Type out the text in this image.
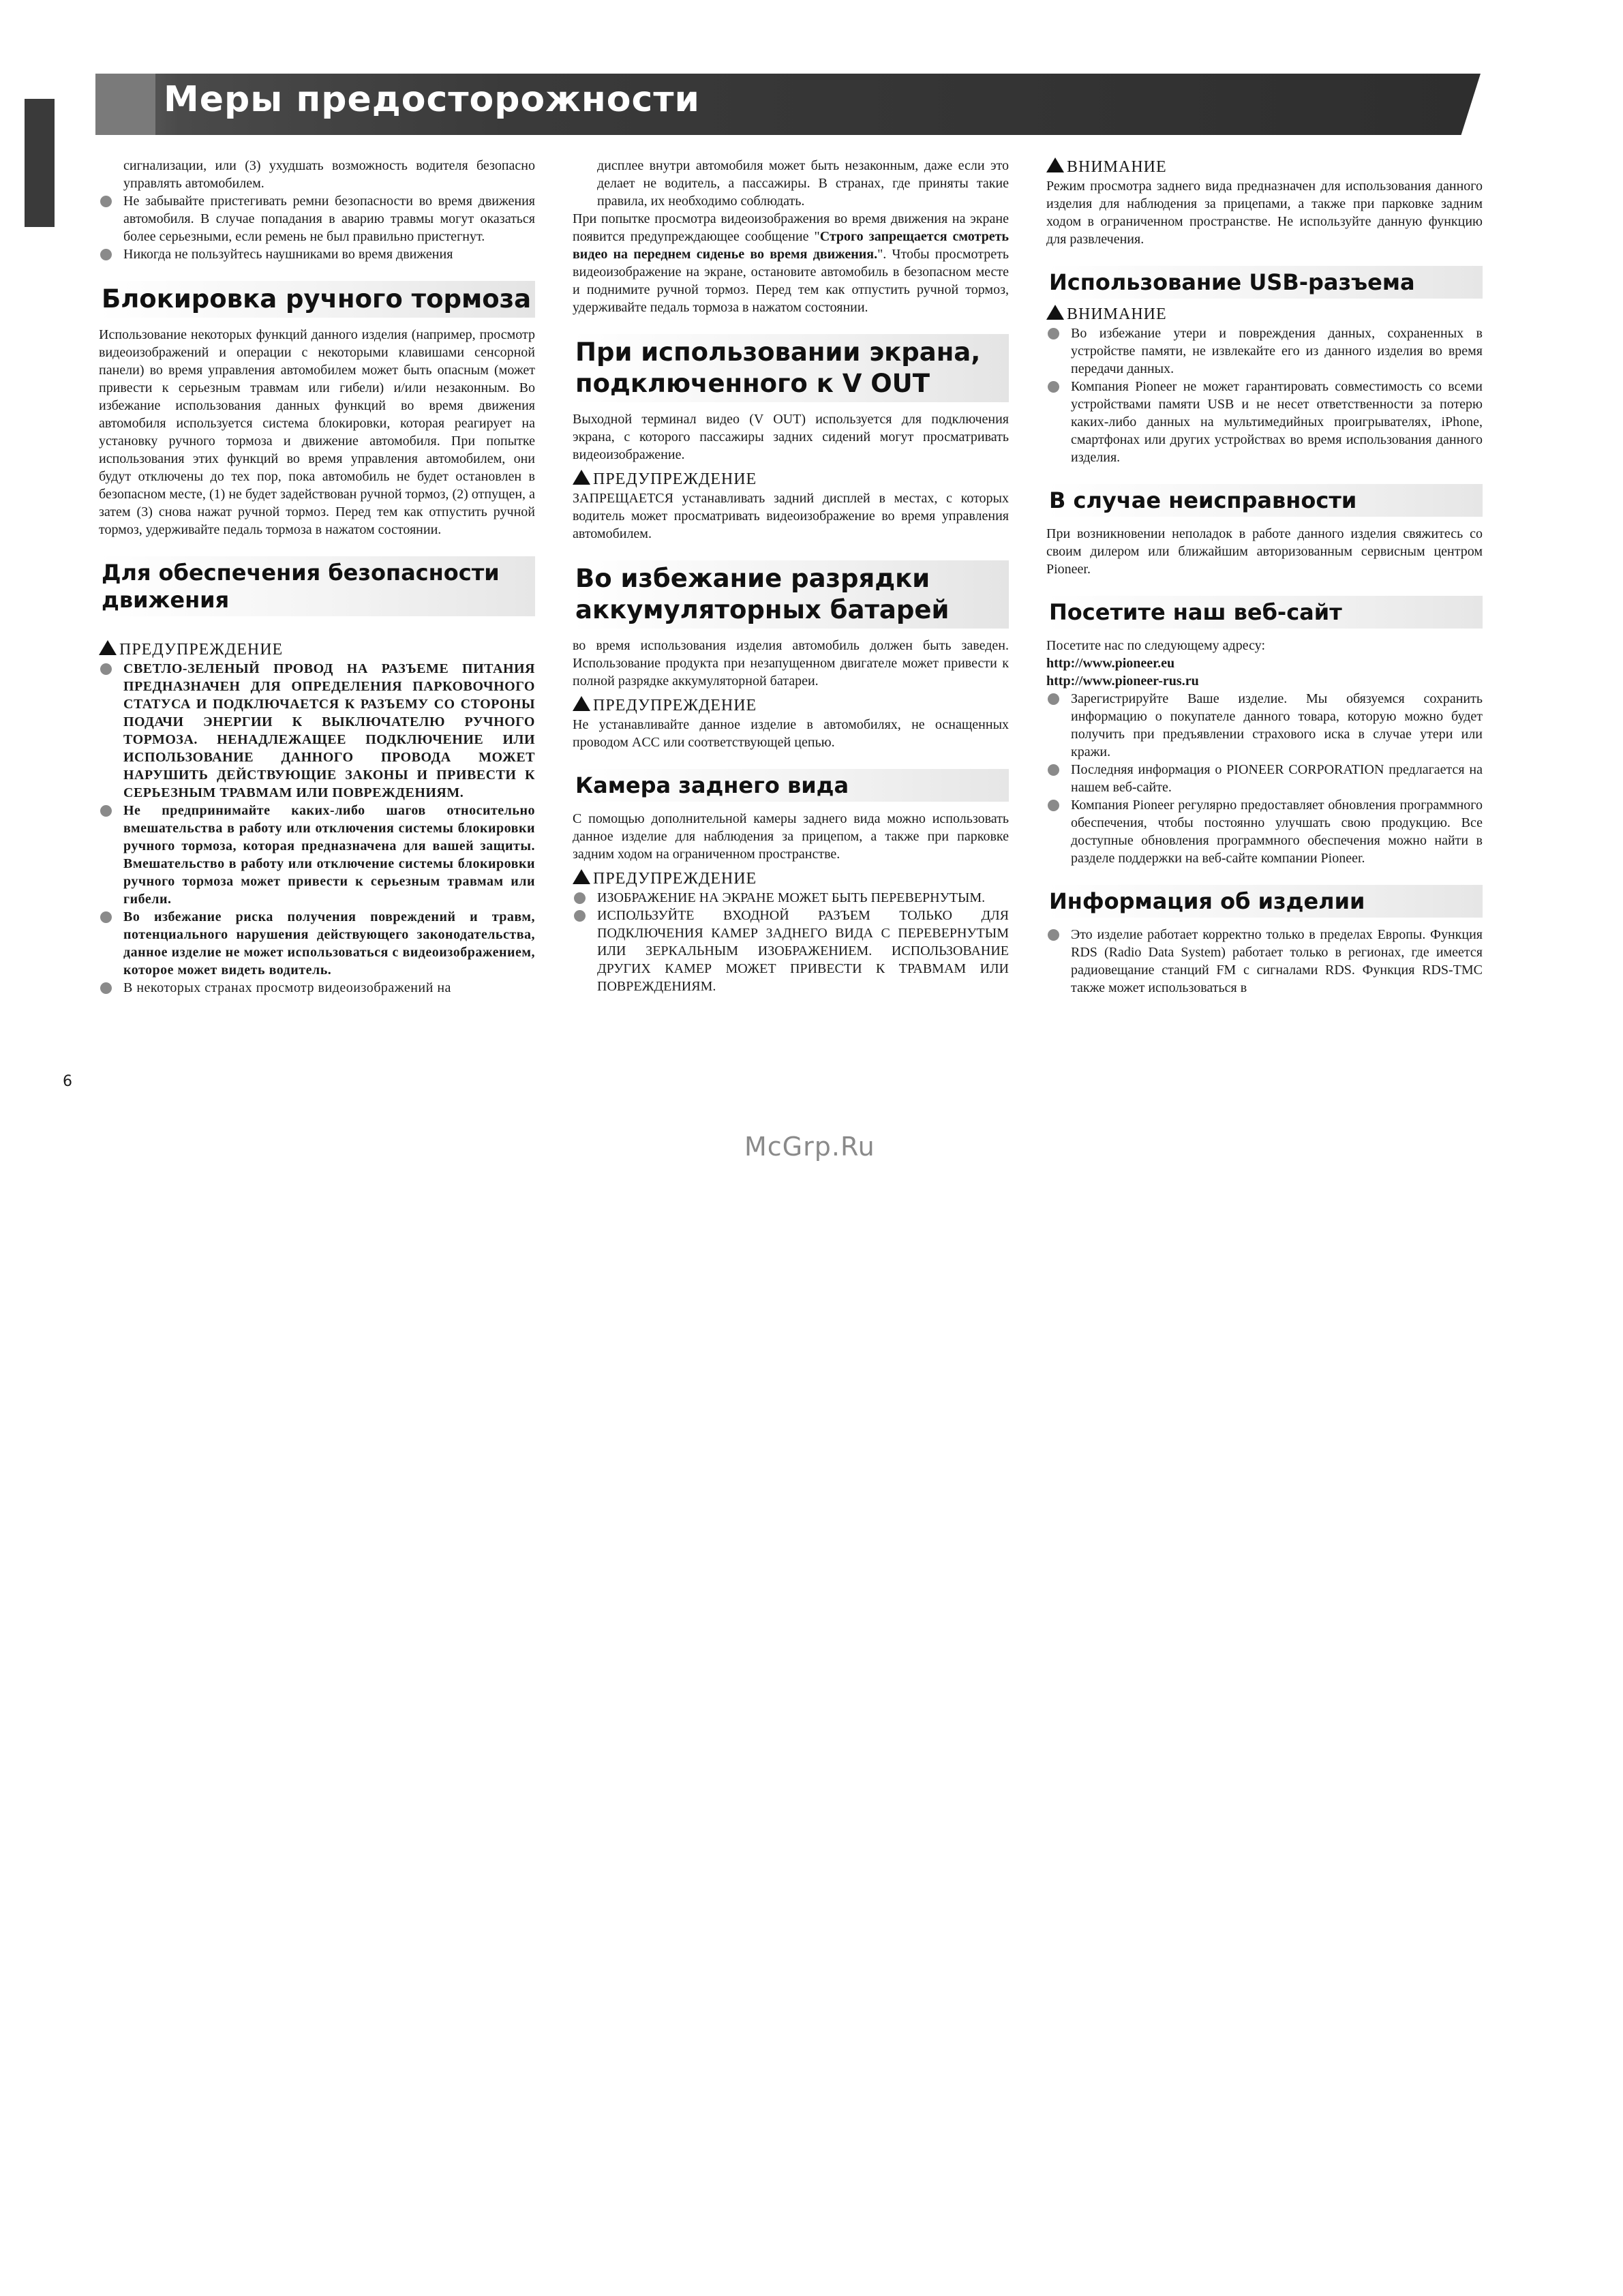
Меры предосторожности

сигнализации, или (3) ухудшать возможность водителя безопасно управлять автомобилем.

Не забывайте пристегивать ремни безопасности во время движения автомобиля. В случае попадания в аварию травмы могут оказаться более серьезными, если ремень не был правильно пристегнут.
Никогда не пользуйтесь наушниками во время движения
Блокировка ручного тормоза

Использование некоторых функций данного изделия (например, просмотр видеоизображений и операции с некоторыми клавишами сенсорной панели) во время управления автомобилем может быть опасным (может привести к серьезным травмам или гибели) и/или незаконным. Во избежание использования данных функций во время движения автомобиля используется система блокировки, которая реагирует на установку ручного тормоза и движение автомобиля. При попытке использования этих функций во время управления автомобилем, они будут отключены до тех пор, пока автомобиль не будет остановлен в безопасном месте, (1) не будет задействован ручной тормоз, (2) отпущен, а затем (3) снова нажат ручной тормоз. Перед тем как отпустить ручной тормоз, удерживайте педаль тормоза в нажатом состоянии.

Для обеспечения безопасности движения
ПРЕДУПРЕЖДЕНИЕ
СВЕТЛО-ЗЕЛЕНЫЙ ПРОВОД НА РАЗЪЕМЕ ПИТАНИЯ ПРЕДНАЗНАЧЕН ДЛЯ ОПРЕДЕЛЕНИЯ ПАРКОВОЧНОГО СТАТУСА И ПОДКЛЮЧАЕТСЯ К РАЗЪЕМУ СО СТОРОНЫ ПОДАЧИ ЭНЕРГИИ К ВЫКЛЮЧАТЕЛЮ РУЧНОГО ТОРМОЗА. НЕНАДЛЕЖАЩЕЕ ПОДКЛЮЧЕНИЕ ИЛИ ИСПОЛЬЗОВАНИЕ ДАННОГО ПРОВОДА МОЖЕТ НАРУШИТЬ ДЕЙСТВУЮЩИЕ ЗАКОНЫ И ПРИВЕСТИ К СЕРЬЕЗНЫМ ТРАВМАМ ИЛИ ПОВРЕЖДЕНИЯМ.
Не предпринимайте каких-либо шагов относительно вмешательства в работу или отключения системы блокировки ручного тормоза, которая предназначена для вашей защиты. Вмешательство в работу или отключение системы блокировки ручного тормоза может привести к серьезным травмам или гибели.
Во избежание риска получения повреждений и травм, потенциального нарушения действующего законодательства, данное изделие не может использоваться с видеоизображением, которое может видеть водитель.
В некоторых странах просмотр видеоизображений на

дисплее внутри автомобиля может быть незаконным, даже если это делает не водитель, а пассажиры. В странах, где приняты такие правила, их необходимо соблюдать.

При попытке просмотра видеоизображения во время движения на экране появится предупреждающее сообщение "Строго запрещается смотреть видео на переднем сиденье во время движения.". Чтобы просмотреть видеоизображение на экране, остановите автомобиль в безопасном месте и поднимите ручной тормоз. Перед тем как отпустить ручной тормоз, удерживайте педаль тормоза в нажатом состоянии.

При использовании экрана, подключенного к V OUT

Выходной терминал видео (V OUT) используется для подключения экрана, с которого пассажиры задних сидений могут просматривать видеоизображение.

ПРЕДУПРЕЖДЕНИЕ

ЗАПРЕЩАЕТСЯ устанавливать задний дисплей в местах, с которых водитель может просматривать видеоизображение во время управления автомобилем.

Во избежание разрядки аккумуляторных батарей

во время использования изделия автомобиль должен быть заведен. Использование продукта при незапущенном двигателе может привести к полной разрядке аккумуляторной батареи.

ПРЕДУПРЕЖДЕНИЕ

Не устанавливайте данное изделие в автомобилях, не оснащенных проводом ACC или соответствующей цепью.

Камера заднего вида

С помощью дополнительной камеры заднего вида можно использовать данное изделие для наблюдения за прицепом, а также при парковке задним ходом на ограниченном пространстве.

ПРЕДУПРЕЖДЕНИЕ
ИЗОБРАЖЕНИЕ НА ЭКРАНЕ МОЖЕТ БЫТЬ ПЕРЕВЕРНУТЫМ.
ИСПОЛЬЗУЙТЕ ВХОДНОЙ РАЗЪЕМ ТОЛЬКО ДЛЯ ПОДКЛЮЧЕНИЯ КАМЕР ЗАДНЕГО ВИДА С ПЕРЕВЕРНУТЫМ ИЛИ ЗЕРКАЛЬНЫМ ИЗОБРАЖЕНИЕМ. ИСПОЛЬЗОВАНИЕ ДРУГИХ КАМЕР МОЖЕТ ПРИВЕСТИ К ТРАВМАМ ИЛИ ПОВРЕЖДЕНИЯМ.
ВНИМАНИЕ

Режим просмотра заднего вида предназначен для использования данного изделия для наблюдения за прицепами, а также при парковке задним ходом в ограниченном пространстве. Не используйте данную функцию для развлечения.

Использование USB-разъема
ВНИМАНИЕ
Во избежание утери и повреждения данных, сохраненных в устройстве памяти, не извлекайте его из данного изделия во время передачи данных.
Компания Pioneer не может гарантировать совместимость со всеми устройствами памяти USB и не несет ответственности за потерю каких-либо данных на мультимедийных проигрывателях, iPhone, смартфонах или других устройствах во время использования данного изделия.
В случае неисправности

При возникновении неполадок в работе данного изделия свяжитесь со своим дилером или ближайшим авторизованным сервисным центром Pioneer.

Посетите наш веб-сайт

Посетите нас по следующему адресу:

http://www.pioneer.eu

http://www.pioneer-rus.ru

Зарегистрируйте Ваше изделие. Мы обязуемся сохранить информацию о покупателе данного товара, которую можно будет получить при предъявлении страхового иска в случае утери или кражи.
Последняя информация о PIONEER CORPORATION предлагается на нашем веб-сайте.
Компания Pioneer регулярно предоставляет обновления программного обеспечения, чтобы постоянно улучшать свою продукцию. Все доступные обновления программного обеспечения можно найти в разделе поддержки на веб-сайте компании Pioneer.
Информация об изделии
Это изделие работает корректно только в пределах Европы. Функция RDS (Radio Data System) работает только в регионах, где имеется радиовещание станций FM с сигналами RDS. Функция RDS-TMC также может использоваться в
6
McGrp.Ru
